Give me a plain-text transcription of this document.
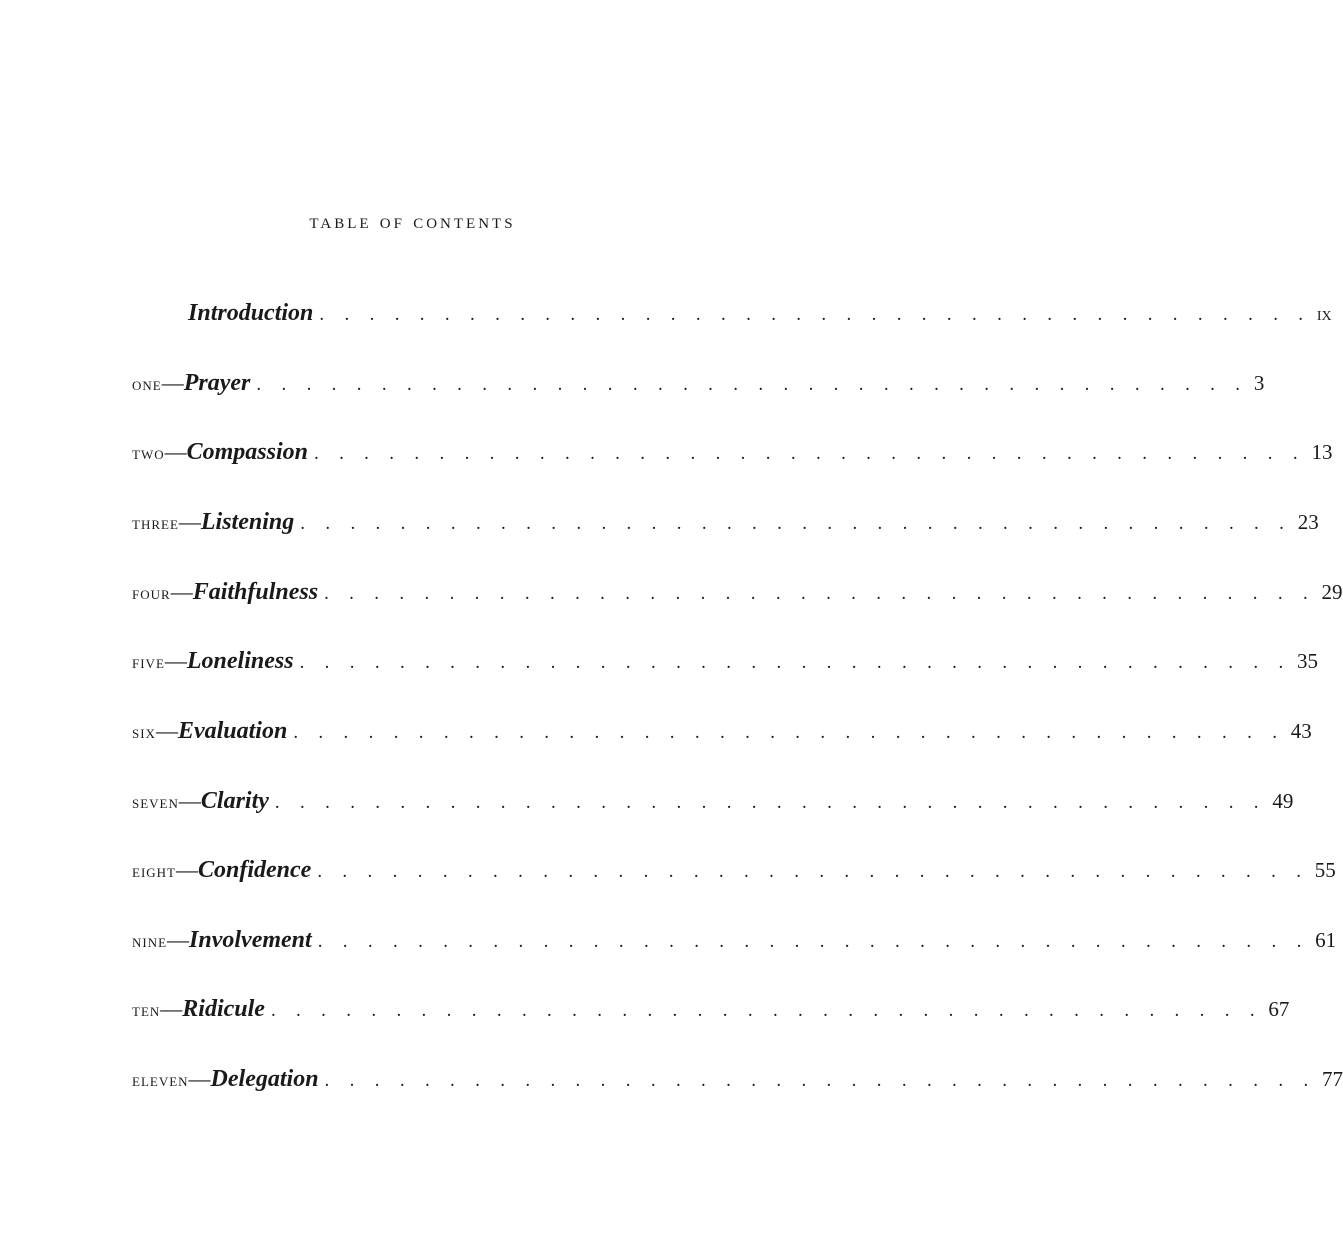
table of contents
Introduction . . . . . . . . . . . . . . . . . . . . . . . . . . . . . . . . . . . . . . . . ix
one — Prayer . . . . . . . . . . . . . . . . . . . . . . . . . . . . . . . . . . . . . . . . 3
two — Compassion . . . . . . . . . . . . . . . . . . . . . . . . . . . . . . . . . . . . . . . . 13
three — Listening . . . . . . . . . . . . . . . . . . . . . . . . . . . . . . . . . . . . . . . . 23
four — Faithfulness . . . . . . . . . . . . . . . . . . . . . . . . . . . . . . . . . . . . . . . . 29
five — Loneliness . . . . . . . . . . . . . . . . . . . . . . . . . . . . . . . . . . . . . . . . 35
six — Evaluation . . . . . . . . . . . . . . . . . . . . . . . . . . . . . . . . . . . . . . . . 43
seven — Clarity . . . . . . . . . . . . . . . . . . . . . . . . . . . . . . . . . . . . . . . . 49
eight — Confidence . . . . . . . . . . . . . . . . . . . . . . . . . . . . . . . . . . . . . . . . 55
nine — Involvement . . . . . . . . . . . . . . . . . . . . . . . . . . . . . . . . . . . . . . . . 61
ten — Ridicule . . . . . . . . . . . . . . . . . . . . . . . . . . . . . . . . . . . . . . . . 67
eleven — Delegation . . . . . . . . . . . . . . . . . . . . . . . . . . . . . . . . . . . . . . . . 77
